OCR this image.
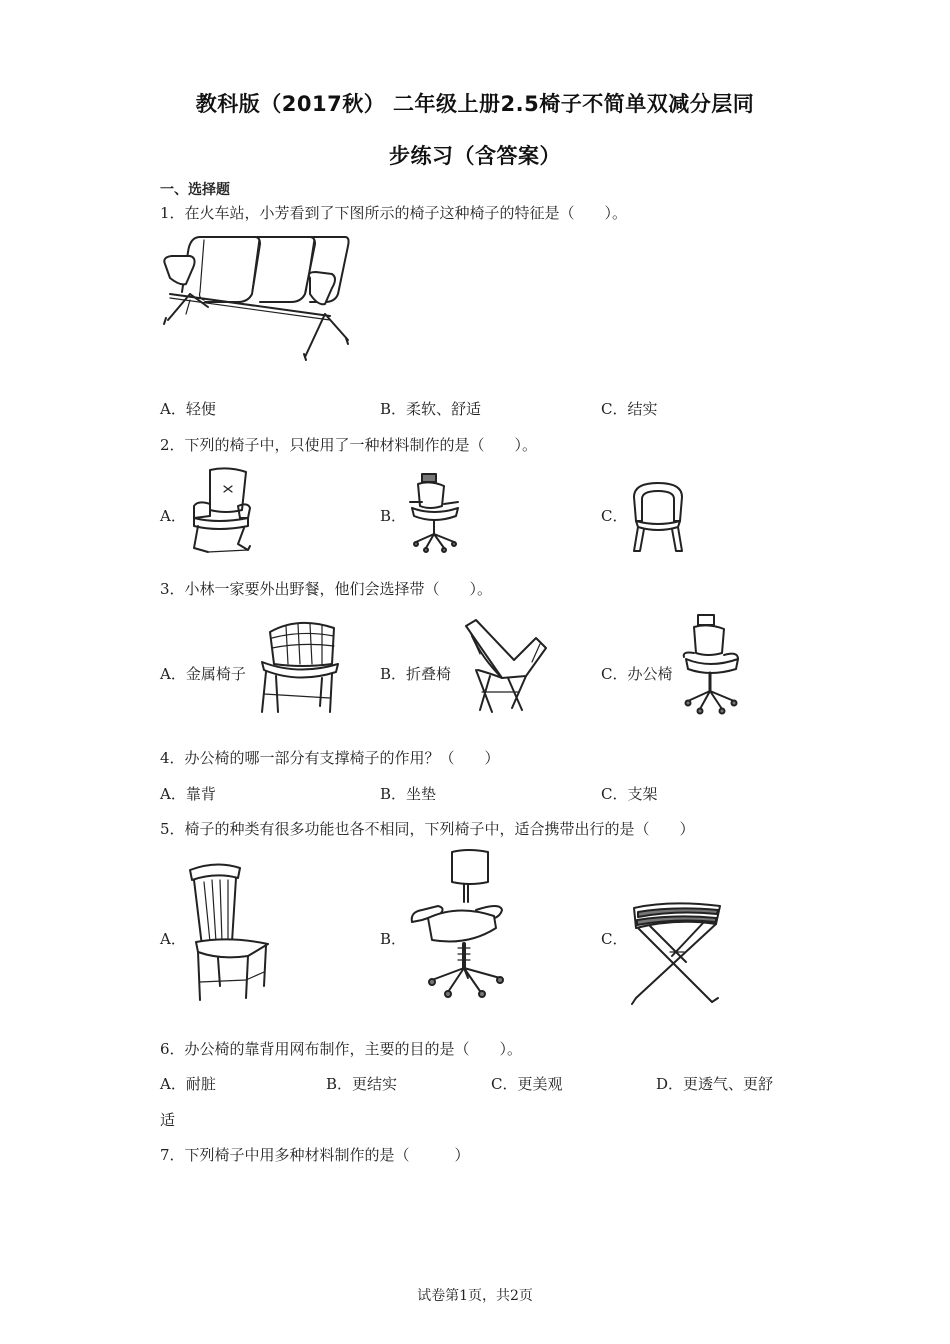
教科版（2017秋） 二年级上册2.5椅子不简单双减分层同
步练习（含答案）
一、选择题
1．在火车站，小芳看到了下图所示的椅子这种椅子的特征是（　　）。
A．轻便	B．柔软、舒适	C．结实
2．下列的椅子中，只使用了一种材料制作的是（　　）。
A．	B．	C．
3．小林一家要外出野餐，他们会选择带（　　）。
A．金属椅子	B．折叠椅	C．办公椅
4．办公椅的哪一部分有支撑椅子的作用？（　　）
A．靠背	B．坐垫	C．支架
5．椅子的种类有很多功能也各不相同，下列椅子中，适合携带出行的是（　　）
A．	B．	C．
6．办公椅的靠背用网布制作，主要的目的是（　　）。
A．耐脏	B．更结实	C．更美观	D．更透气、更舒
适
7．下列椅子中用多种材料制作的是（　　　）
试卷第1页，共2页
